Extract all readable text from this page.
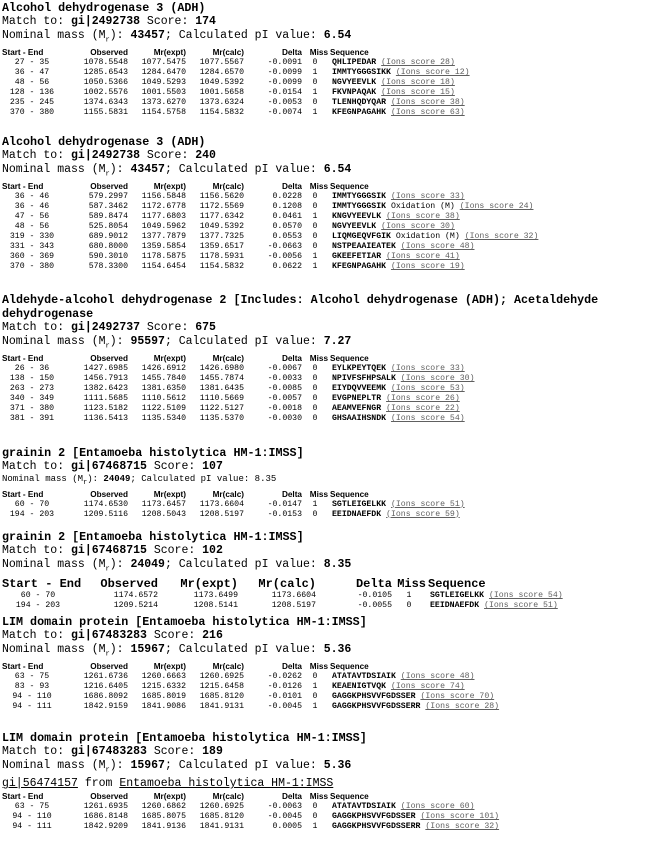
Alcohol dehydrogenase 3 (ADH)
Match to: gi|2492738 Score: 174
Nominal mass $(M_r)$: 43457; Calculated pI value: 6.54
Start - End	Observed	Mr(expt)	Mr(calc)	Delta	Miss	Sequence
27 - 35	1078.5548	1077.5475	1077.5567	-0.0091	0	QHLIPEDAR (Ions score 28)
36 - 47	1285.6543	1284.6470	1284.6570	-0.0099	1	IMMTYGGGSIKK (Ions score 12)
48 - 56	1050.5366	1049.5293	1049.5392	-0.0099	0	NGVYEEVLK (Ions score 18)
128 - 136	1002.5576	1001.5503	1001.5658	-0.0154	1	FKVNPAQAK (Ions score 15)
235 - 245	1374.6343	1373.6270	1373.6324	-0.0053	0	TLENHQDYQAR (Ions score 38)
370 - 380	1155.5831	1154.5758	1154.5832	-0.0074	1	KFEGNPAGAHK (Ions score 63)
Alcohol dehydrogenase 3 (ADH)
Match to: gi|2492738 Score: 240
Nominal mass $(M_r)$: 43457; Calculated pI value: 6.54
Start - End	Observed	Mr(expt)	Mr(calc)	Delta	Miss	Sequence
36 - 46	579.2997	1156.5848	1156.5620	0.0228	0	IMMTYGGGSIK (Ions score 33)
36 - 46	587.3462	1172.6778	1172.5569	0.1208	0	IMMTYGGGSIK Oxidation (M) (Ions score 24)
47 - 56	589.8474	1177.6803	1177.6342	0.0461	1	KNGVYEEVLK (Ions score 38)
48 - 56	525.8054	1049.5962	1049.5392	0.0570	0	NGVYEEVLK (Ions score 30)
319 - 330	689.9012	1377.7879	1377.7325	0.0553	0	LIQMGEQVFGIK Oxidation (M) (Ions score 32)
331 - 343	680.8000	1359.5854	1359.6517	-0.0663	0	NSTPEAAIEATEK (Ions score 48)
360 - 369	590.3010	1178.5875	1178.5931	-0.0056	1	GKEEFETIAR (Ions score 41)
370 - 380	578.3300	1154.6454	1154.5832	0.0622	1	KFEGNPAGAHK (Ions score 19)
Aldehyde-alcohol dehydrogenase 2 [Includes: Alcohol dehydrogenase (ADH); Acetaldehyde dehydrogenase
Match to: gi|2492737 Score: 675
Nominal mass $(M_r)$: 95597; Calculated pI value: 7.27
Start - End	Observed	Mr(expt)	Mr(calc)	Delta	Miss	Sequence
26 - 36	1427.6985	1426.6912	1426.6980	-0.0067	0	EYLKPEYTQEK (Ions score 33)
138 - 150	1456.7913	1455.7840	1455.7874	-0.0033	0	NPIVFSFHPSALK (Ions score 30)
263 - 273	1382.6423	1381.6350	1381.6435	-0.0085	0	EIYDQVVEEMK (Ions score 53)
340 - 349	1111.5685	1110.5612	1110.5669	-0.0057	0	EVGPNEPLTR (Ions score 26)
371 - 380	1123.5182	1122.5109	1122.5127	-0.0018	0	AEAMVEFNGR (Ions score 22)
381 - 391	1136.5413	1135.5340	1135.5370	-0.0030	0	GHSAAIHSNDK (Ions score 54)
grainin 2 [Entamoeba histolytica HM-1:IMSS]
Match to: gi|67468715 Score: 107
Nominal mass $(M_r)$: 24049; Calculated pI value: 8.35
Start - End	Observed	Mr(expt)	Mr(calc)	Delta	Miss	Sequence
60 - 70	1174.6530	1173.6457	1173.6604	-0.0147	1	SGTLEIGELKK (Ions score 51)
194 - 203	1209.5116	1208.5043	1208.5197	-0.0153	0	EEIDNAEFDK (Ions score 59)
grainin 2 [Entamoeba histolytica HM-1:IMSS]
Match to: gi|67468715 Score: 102
Nominal mass $(M_r)$: 24049; Calculated pI value: 8.35
Start - End	Observed	Mr(expt)	Mr(calc)	Delta	Miss	Sequence
60 - 70	1174.6572	1173.6499	1173.6604	-0.0105	1	SGTLEIGELKK (Ions score 54)
194 - 203	1209.5214	1208.5141	1208.5197	-0.0055	0	EEIDNAEFDK (Ions score 51)
LIM domain protein [Entamoeba histolytica HM-1:IMSS]
Match to: gi|67483283 Score: 216
Nominal mass $(M_r)$: 15967; Calculated pI value: 5.36
Start - End	Observed	Mr(expt)	Mr(calc)	Delta	Miss	Sequence
63 - 75	1261.6736	1260.6663	1260.6925	-0.0262	0	ATATAVTDSIAIK (Ions score 48)
83 - 93	1216.6405	1215.6332	1215.6458	-0.0126	1	KEAENIGTVQK (Ions score 74)
94 - 110	1686.8092	1685.8019	1685.8120	-0.0101	0	GAGGKPHSVVFGDSSER (Ions score 70)
94 - 111	1842.9159	1841.9086	1841.9131	-0.0045	1	GAGGKPHSVVFGDSSERR (Ions score 28)
LIM domain protein [Entamoeba histolytica HM-1:IMSS]
Match to: gi|67483283 Score: 189
Nominal mass $(M_r)$: 15967; Calculated pI value: 5.36
gi|56474157 from Entamoeba histolytica HM-1:IMSS
Start - End	Observed	Mr(expt)	Mr(calc)	Delta	Miss	Sequence
63 - 75	1261.6935	1260.6862	1260.6925	-0.0063	0	ATATAVTDSIAIK (Ions score 60)
94 - 110	1686.8148	1685.8075	1685.8120	-0.0045	0	GAGGKPHSVVFGDSSER (Ions score 101)
94 - 111	1842.9209	1841.9136	1841.9131	0.0005	1	GAGGKPHSVVFGDSSERR (Ions score 32)
